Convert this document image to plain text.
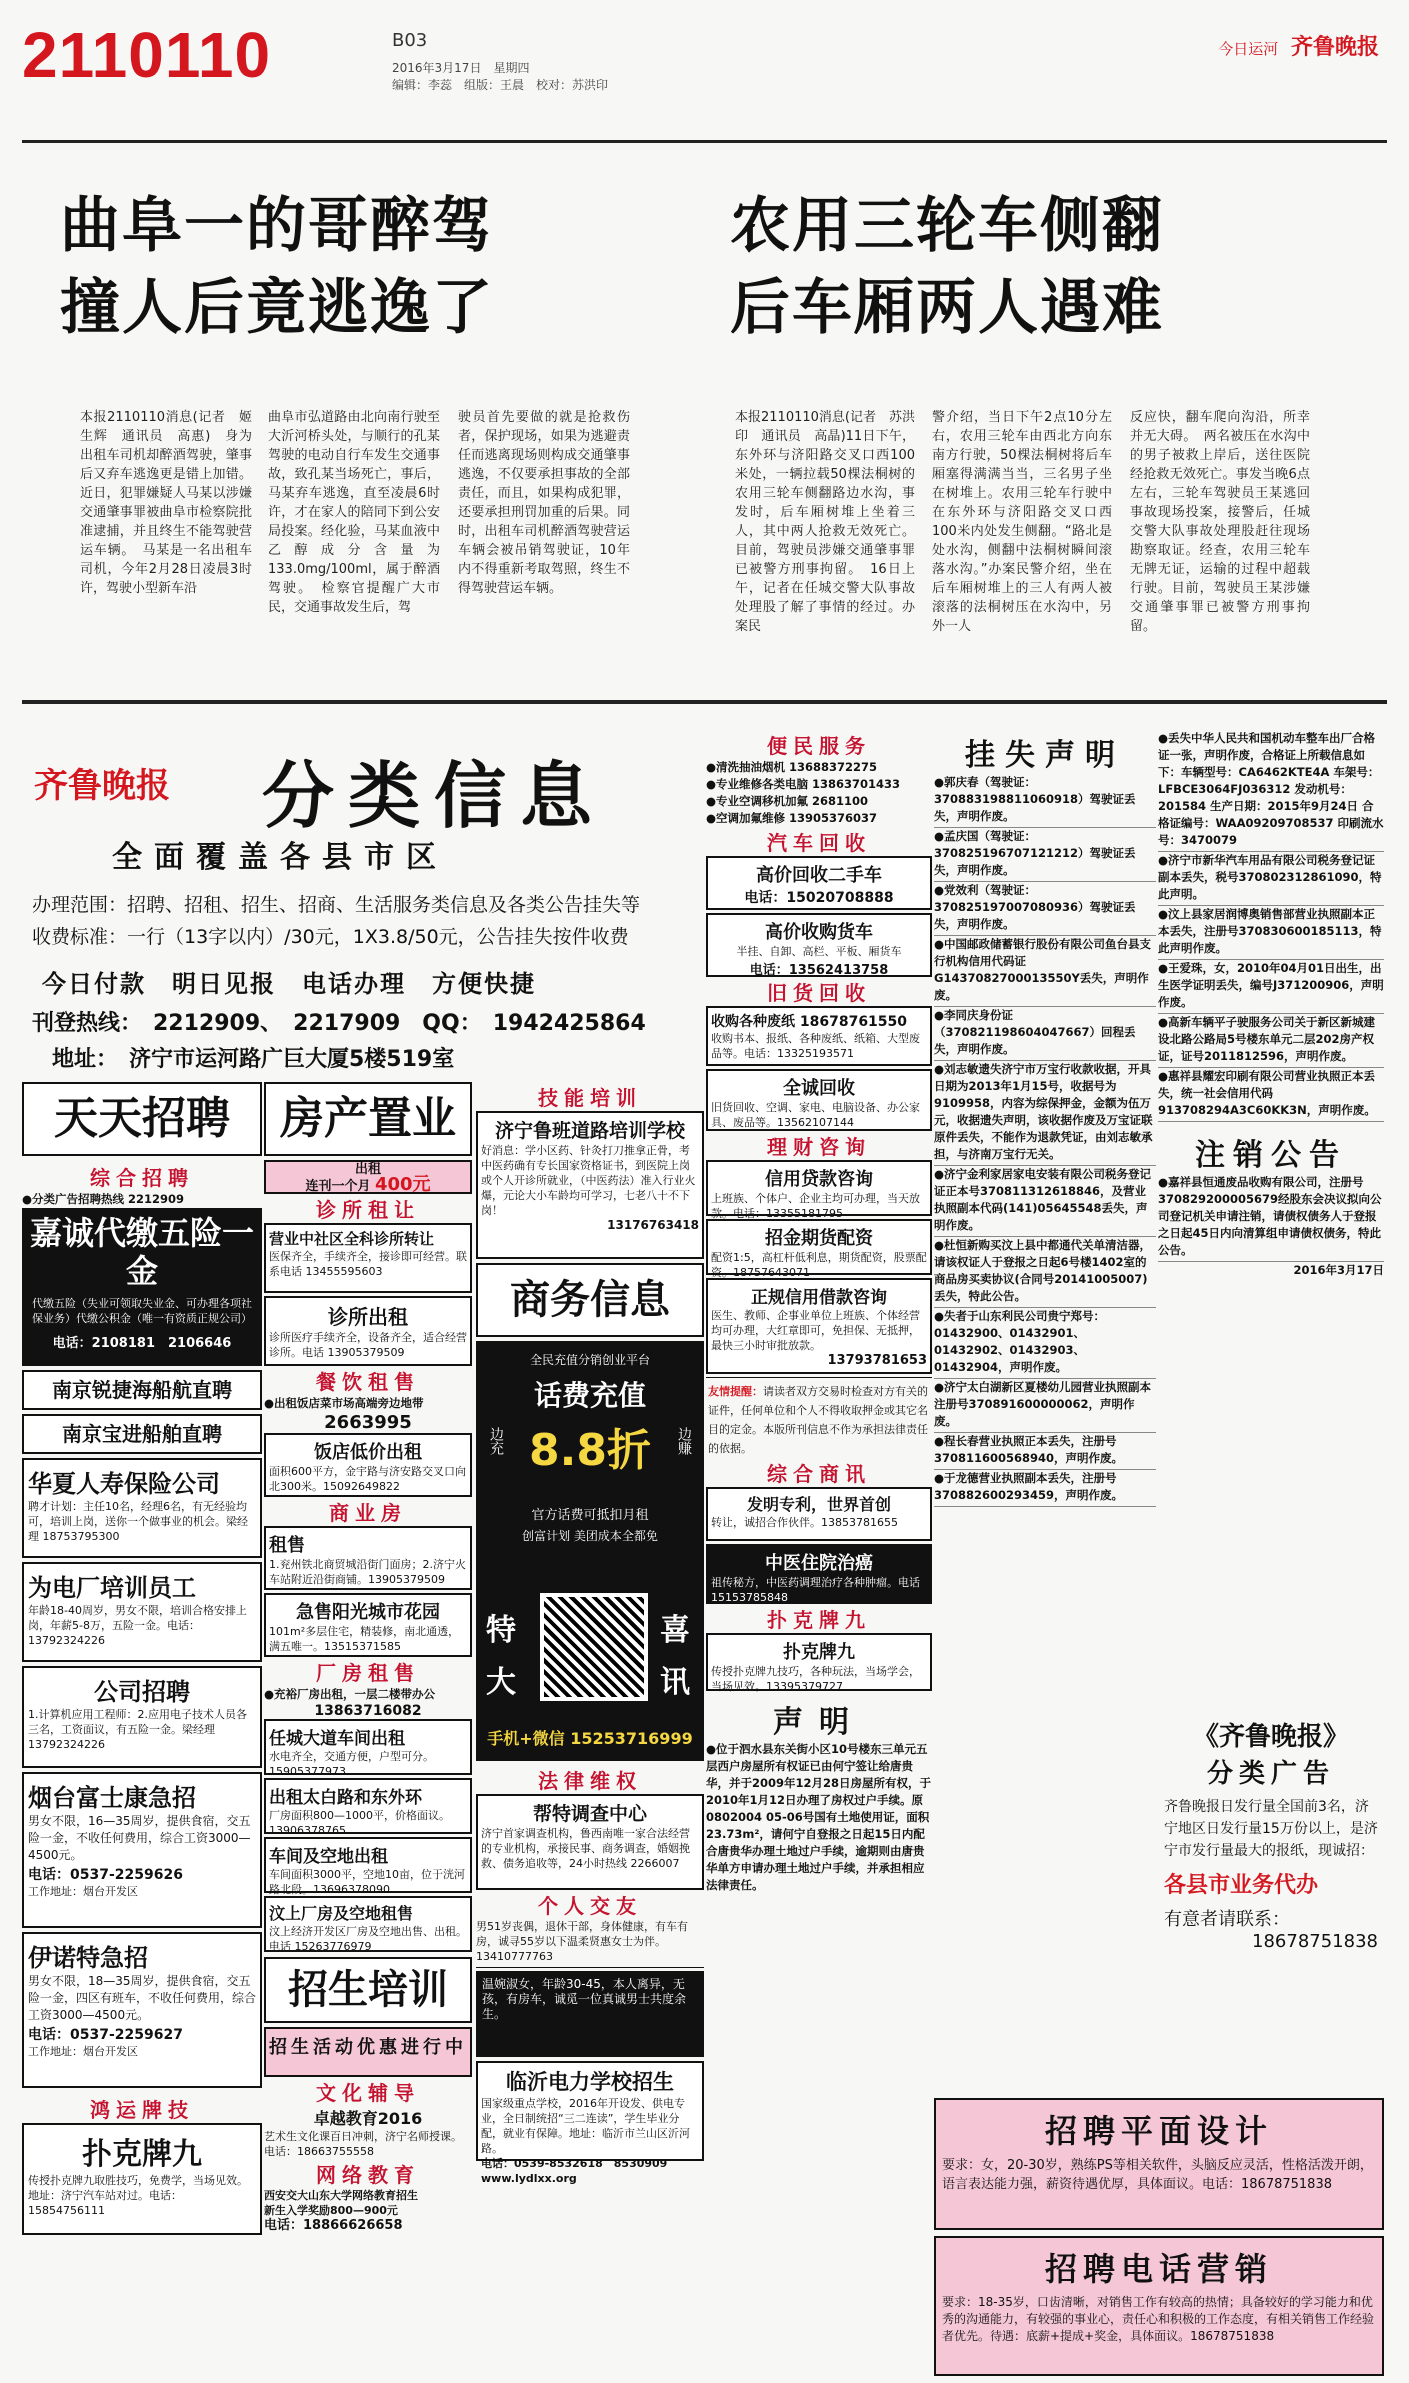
2110110	B03
2016年3月17日　星期四
编辑：李蕊　组版：王晨　校对：苏洪印
今日运河 齐鲁晚报
曲阜一的哥醉驾
撞人后竟逃逸了
本报2110110消息(记者　姬生辉　通讯员　高惠)　身为出租车司机却醉酒驾驶，肇事后又弃车逃逸更是错上加错。近日，犯罪嫌疑人马某以涉嫌交通肇事罪被曲阜市检察院批准逮捕，并且终生不能驾驶营运车辆。　马某是一名出租车司机，今年2月28日凌晨3时许，驾驶小型新车沿
曲阜市弘道路由北向南行驶至大沂河桥头处，与顺行的孔某驾驶的电动自行车发生交通事故，致孔某当场死亡，事后，马某弃车逃逸，直至凌晨6时许，才在家人的陪同下到公安局投案。经化验，马某血液中乙醇成分含量为133.0mg/100ml，属于醉酒驾驶。　检察官提醒广大市民，交通事故发生后，驾
驶员首先要做的就是抢救伤者，保护现场，如果为逃避责任而逃离现场则构成交通肇事逃逸，不仅要承担事故的全部责任，而且，如果构成犯罪，还要承担刑罚加重的后果。同时，出租车司机醉酒驾驶营运车辆会被吊销驾驶证，10年内不得重新考取驾照，终生不得驾驶营运车辆。
农用三轮车侧翻
后车厢两人遇难
本报2110110消息(记者　苏洪印　通讯员　高晶)11日下午，东外环与济阳路交叉口西100米处，一辆拉载50棵法桐树的农用三轮车侧翻路边水沟，事发时，后车厢树堆上坐着三人，其中两人抢救无效死亡。目前，驾驶员涉嫌交通肇事罪已被警方刑事拘留。　16日上午，记者在任城交警大队事故处理股了解了事情的经过。办案民
警介绍，当日下午2点10分左右，农用三轮车由西北方向东南方行驶，50棵法桐树将后车厢塞得满满当当，三名男子坐在树堆上。农用三轮车行驶中在东外环与济阳路交叉口西100米内处发生侧翻。“路北是处水沟，侧翻中法桐树瞬间滚落水沟。”办案民警介绍，坐在后车厢树堆上的三人有两人被滚落的法桐树压在水沟中，另外一人
反应快，翻车爬向沟沿，所幸并无大碍。　两名被压在水沟中的男子被救上岸后，送往医院经抢救无效死亡。事发当晚6点左右，三轮车驾驶员王某逃回事故现场投案，接警后，任城交警大队事故处理股赶往现场勘察取证。经查，农用三轮车无牌无证，运输的过程中超载行驶。目前，驾驶员王某涉嫌交通肇事罪已被警方刑事拘留。
齐鲁晚报 分类信息
全面覆盖各县市区
办理范围：招聘、招租、招生、招商、生活服务类信息及各类公告挂失等
收费标准：一行（13字以内）/30元，1X3.8/50元，公告挂失按件收费
今日付款　明日见报　电话办理　方便快捷
刊登热线：　2212909、　2217909　QQ：　1942425864
地址：　济宁市运河路广巨大厦5楼519室
天天招聘
综合招聘
●分类广告招聘热线 2212909
嘉诚代缴五险一金
代缴五险（失业可领取失业金、可办理各项社保业务）代缴公积金（唯一有资质正规公司）
电话：2108181　2106646
南京锐捷海船航直聘
南京宝进船舶直聘
华夏人寿保险公司
聘才计划：主任10名，经理6名，有无经验均可，培训上岗，送你一个做事业的机会。梁经理 18753795300
为电厂培训员工
年龄18-40周岁，男女不限，培训合格安排上岗，年薪5-8万，五险一金。电话：13792324226
公司招聘
1.计算机应用工程师：2.应用电子技术人员各三名，工资面议，有五险一金。梁经理 13792324226
烟台富士康急招
男女不限，16—35周岁，提供食宿，交五险一金，不收任何费用，综合工资3000—4500元。
电话：0537-2259626
工作地址：烟台开发区
伊诺特急招
男女不限，18—35周岁，提供食宿，交五险一金，四区有班车，不收任何费用，综合工资3000—4500元。
电话：0537-2259627
工作地址：烟台开发区
鸿运牌技
扑克牌九
传授扑克牌九取胜技巧，免费学，当场见效。地址：济宁汽车站对过。电话：15854756111
房产置业
出租
连刊一个月 400元
诊所租让
营业中社区全科诊所转让
医保齐全，手续齐全，接诊即可经营。联系电话 13455595603
诊所出租
诊所医疗手续齐全，设备齐全，适合经营诊所。电话 13905379509
餐饮租售
●出租饭店菜市场高端旁边地带
2663995
饭店低价出租
面积600平方，金宇路与济安路交叉口向北300米。15092649822
商业房
租售
1.兖州铁北商贸城沿街门面房；2.济宁火车站附近沿街商铺。13905379509
急售阳光城市花园
101m²多层住宅，精装修，南北通透，满五唯一。13515371585
厂房租售
●充裕厂房出租，一层二楼带办公
13863716082
任城大道车间出租
水电齐全，交通方便，户型可分。15905377973
出租太白路和东外环
厂房面积800—1000平，价格面议。13906378765
车间及空地出租
车间面积3000平，空地10亩，位于洸河路北段。13696378090
汶上厂房及空地租售
汶上经济开发区厂房及空地出售、出租。电话 15263776979
招生培训
招生活动优惠进行中
文化辅导
卓越教育2016
艺术生文化课百日冲刺，济宁名师授课。电话：18663755558
网络教育
西安交大山东大学网络教育招生
新生入学奖励800—900元
电话：18866626658
技能培训
济宁鲁班道路培训学校
好消息：学小区药、针灸打刀推拿正骨，考中医药确有专长国家资格证书，到医院上岗或个人开诊所就业，（中医药法）准入行业火爆，元论大小车龄均可学习，七老八十不下岗！
13176763418
商务信息
全民充值分销创业平台
话费充值
8.8折
边充	边赚
官方话费可抵扣月租
创富计划 美团成本全都免
特
大
喜
讯
手机+微信 15253716999
法律维权
帮特调查中心
济宁首家调查机构，鲁西南唯一家合法经营的专业机构，承接民事、商务调查，婚姻挽救、债务追收等，24小时热线 2266007
个人交友
男51岁丧偶，退休干部，身体健康，有车有房，诚寻55岁以下温柔贤惠女士为伴。13410777763
温婉淑女，年龄30-45，本人离异，无孩，有房车，诚觅一位真诚男士共度余生。
临沂电力学校招生
国家级重点学校，2016年开设发、供电专业，全日制统招“三二连读”，学生毕业分配，就业有保障。地址：临沂市兰山区沂河路。
电话：0539-8532618　8530909　www.lydlxx.org
便民服务
●清洗抽油烟机 13688372275
●专业维修各类电脑 13863701433
●专业空调移机加氟 2681100
●空调加氟维修 13905376037
汽车回收
高价回收二手车
电话：15020708888
高价收购货车
半挂、自卸、高栏、平板、厢货车
电话：13562413758
旧货回收
收购各种废纸 18678761550
收购书本、报纸、各种废纸、纸箱、大型废品等。电话：13325193571
全诚回收
旧货回收、空调、家电、电脑设备、办公家具、废品等。13562107144
理财咨询
信用贷款咨询
上班族、个体户、企业主均可办理，当天放款。电话：13355181795
招金期货配资
配资1:5，高杠杆低利息，期货配资，股票配资。18757643071
正规信用借款咨询
医生、教师、企事业单位上班族、个体经营均可办理，大红章即可，免担保、无抵押，最快三小时审批放款。
13793781653
友情提醒：请读者双方交易时检查对方有关的证件，任何单位和个人不得收取押金或其它名目的定金。本版所刊信息不作为承担法律责任的依据。
综合商讯
发明专利，世界首创
转让，诚招合作伙伴。13853781655
中医住院治癌
祖传秘方，中医药调理治疗各种肿瘤。电话 15153785848
扑克牌九
扑克牌九
传授扑克牌九技巧，各种玩法，当场学会，当场见效。13395379727
声明
●位于泗水县东关街小区10号楼东三单元五层西户房屋所有权证已由何宁签让给唐贵华，并于2009年12月28日房屋所有权，于2010年1月12日办理了房权过户手续。原0802004 05-06号国有土地使用证，面积23.73m²，请何宁自登报之日起15日内配合唐贵华办理土地过户手续，逾期则由唐贵华单方申请办理土地过户手续，并承担相应法律责任。
挂失声明
●郭庆春（驾驶证：370883198811060918）驾驶证丢失，声明作废。
●孟庆国（驾驶证：370825196707121212）驾驶证丢失，声明作废。
●党效利（驾驶证：370825197007080936）驾驶证丢失，声明作废。
●中国邮政储蓄银行股份有限公司鱼台县支行机构信用代码证G1437082700013550Y丢失，声明作废。
●李同庆身份证（370821198604047667）回程丢失，声明作废。
●刘志敏遗失济宁市万宝行收款收据，开具日期为2013年1月15号，收据号为9109958，内容为综保押金，金额为伍万元，收据遗失声明，该收据作废及万宝证联原件丢失，不能作为退款凭证，由刘志敏承担，与济南万宝行无关。
●济宁金利家居家电安装有限公司税务登记证正本号370811312618846，及营业执照副本代码(141)05645548丢失，声明作废。
●杜恒新购买汶上县中都通代关单清洁器，请该权证人于登报之日起6号楼1402室的商品房买卖协议(合同号20141005007)丢失，特此公告。
●失者于山东利民公司贵宁郑号：01432900、01432901、01432902、01432903、01432904，声明作废。
●济宁太白湖新区夏楼幼儿园营业执照副本注册号370891600000062，声明作废。
●程长春营业执照正本丢失，注册号370811600568940，声明作废。
●于龙德营业执照副本丢失，注册号370882600293459，声明作废。
●丢失中华人民共和国机动车整车出厂合格证一张，声明作废，合格证上所载信息如下：车辆型号：CA6462KTE4A 车架号：LFBCE3064FJ036312 发动机号：201584 生产日期：2015年9月24日 合格证编号：WAA09209708537 印刷流水号：3470079
●济宁市新华汽车用品有限公司税务登记证副本丢失，税号370802312861090，特此声明。
●汶上县家居润博奥销售部营业执照副本正本丢失，注册号370830600185113，特此声明作废。
●王爱珠，女，2010年04月01日出生，出生医学证明丢失，编号J371200906，声明作废。
●高新车辆平子驶服务公司关于新区新城建设北路公路局5号楼东单元二层202房产权证，证号2011812596，声明作废。
●惠祥县耀宏印刷有限公司营业执照正本丢失，统一社会信用代码913708294A3C60KK3N，声明作废。
注销公告
●嘉祥县恒通废品收购有限公司，注册号370829200005679经股东会决议拟向公司登记机关申请注销，请债权债务人于登报之日起45日内向清算组申请债权债务，特此公告。
2016年3月17日
《齐鲁晚报》
分类广告
齐鲁晚报日发行量全国前3名，济宁地区日发行量15万份以上，是济宁市发行量最大的报纸，现诚招：
各县市业务代办
有意者请联系：
18678751838
招聘平面设计
要求：女，20-30岁，熟练PS等相关软件，头脑反应灵活，性格活泼开朗，语言表达能力强，薪资待遇优厚，具体面议。电话：18678751838
招聘电话营销
要求：18-35岁，口齿清晰，对销售工作有较高的热情；具备较好的学习能力和优秀的沟通能力，有较强的事业心，责任心和积极的工作态度，有相关销售工作经验者优先。待遇：底薪+提成+奖金，具体面议。18678751838
